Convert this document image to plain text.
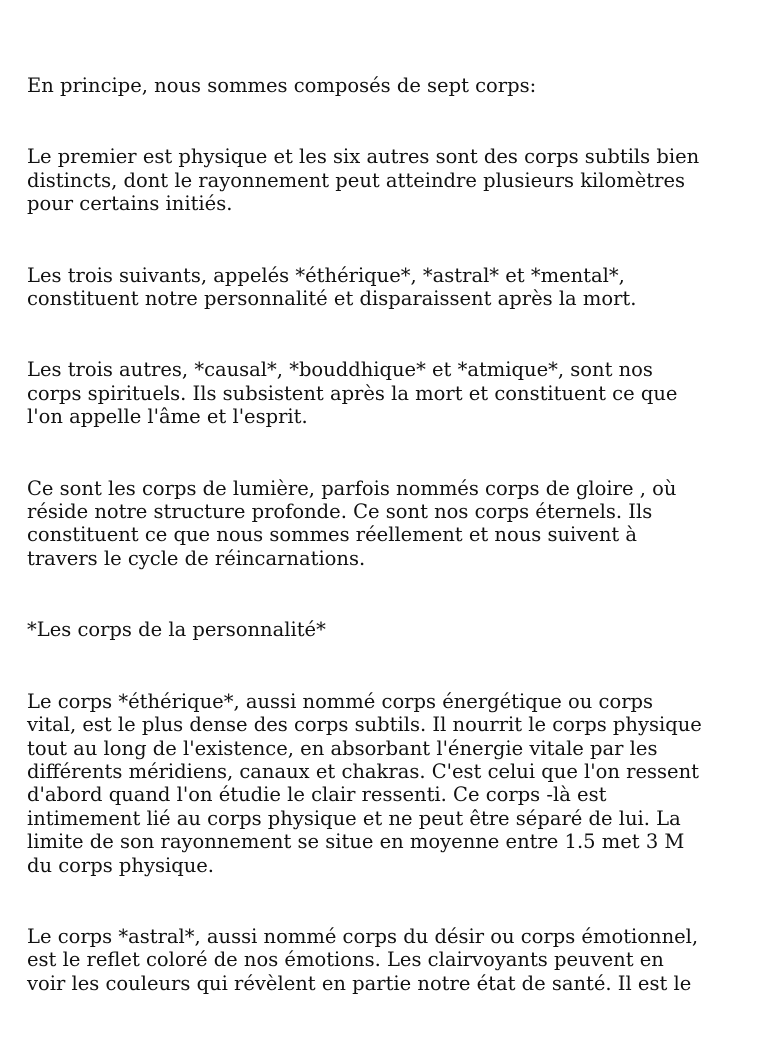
En principe, nous sommes composés de sept corps:

Le premier est physique et les six autres sont des corps subtils bien
distincts, dont le rayonnement peut atteindre plusieurs kilomètres
pour certains initiés.

Les trois suivants, appelés *éthérique*, *astral* et *mental*,
constituent notre personnalité et disparaissent après la mort.

Les trois autres, *causal*, *bouddhique* et *atmique*, sont nos
corps spirituels. Ils subsistent après la mort et constituent ce que
l'on appelle l'âme et l'esprit.

Ce sont les corps de lumière, parfois nommés corps de gloire , où
réside notre structure profonde. Ce sont nos corps éternels. Ils
constituent ce que nous sommes réellement et nous suivent à
travers le cycle de réincarnations.

*Les corps de la personnalité*

Le corps *éthérique*, aussi nommé corps énergétique ou corps
vital, est le plus dense des corps subtils. Il nourrit le corps physique
tout au long de l'existence, en absorbant l'énergie vitale par les
différents méridiens, canaux et chakras. C'est celui que l'on ressent
d'abord quand l'on étudie le clair ressenti. Ce corps -là est
intimement lié au corps physique et ne peut être séparé de lui. La
limite de son rayonnement se situe en moyenne entre 1.5 met 3 M
du corps physique.

Le corps *astral*, aussi nommé corps du désir ou corps émotionnel,
est le reflet coloré de nos émotions. Les clairvoyants peuvent en
voir les couleurs qui révèlent en partie notre état de santé. Il est le
